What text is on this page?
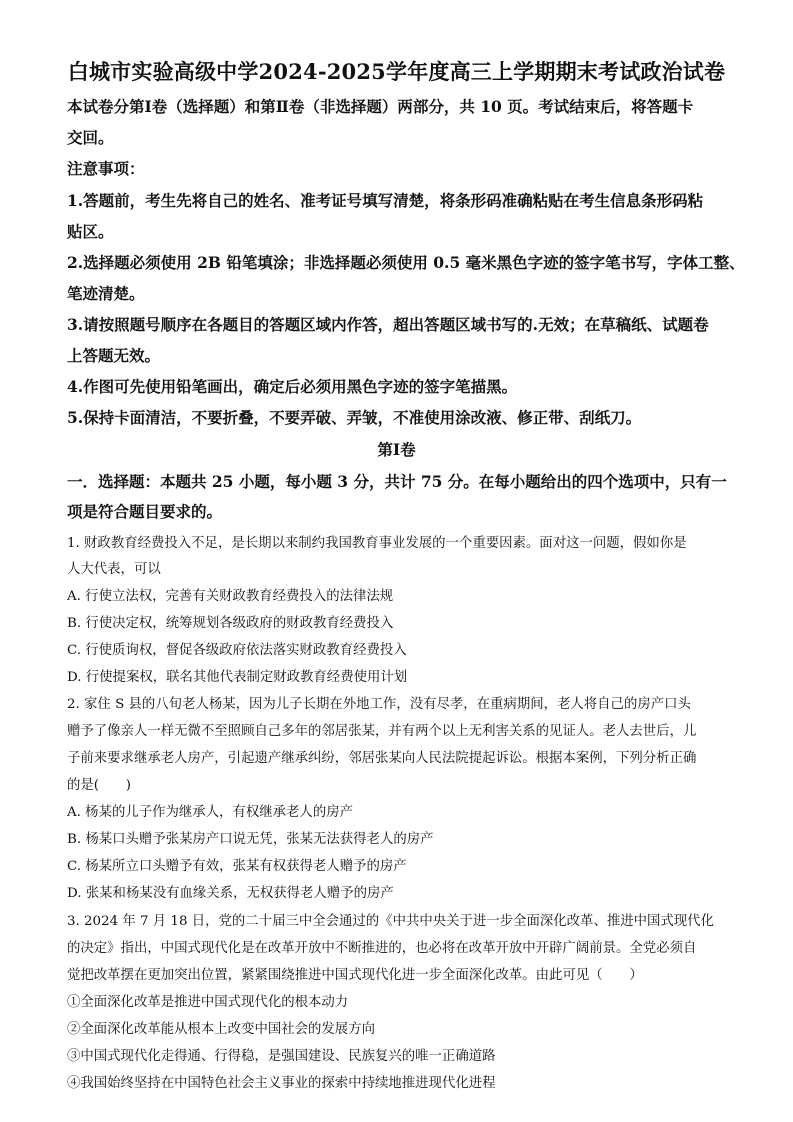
白城市实验高级中学2024-2025学年度高三上学期期末考试政治试卷
本试卷分第Ⅰ卷（选择题）和第Ⅱ卷（非选择题）两部分，共 10 页。考试结束后，将答题卡
交回。
注意事项：
1.答题前，考生先将自己的姓名、准考证号填写清楚，将条形码准确粘贴在考生信息条形码粘
贴区。
2.选择题必须使用 2B 铅笔填涂；非选择题必须使用 0.5 毫米黑色字迹的签字笔书写，字体工整、
笔迹清楚。
3.请按照题号顺序在各题目的答题区域内作答，超出答题区域书写的.无效；在草稿纸、试题卷
上答题无效。
4.作图可先使用铅笔画出，确定后必须用黑色字迹的签字笔描黑。
5.保持卡面清洁，不要折叠，不要弄破、弄皱，不准使用涂改液、修正带、刮纸刀。
第Ⅰ卷
一．选择题：本题共 25 小题，每小题 3 分，共计 75 分。在每小题给出的四个选项中，只有一
项是符合题目要求的。
1. 财政教育经费投入不足，是长期以来制约我国教育事业发展的一个重要因素。面对这一问题，假如你是
人大代表，可以
A. 行使立法权，完善有关财政教育经费投入的法律法规
B. 行使决定权，统筹规划各级政府的财政教育经费投入
C. 行使质询权，督促各级政府依法落实财政教育经费投入
D. 行使提案权，联名其他代表制定财政教育经费使用计划
2. 家住 S 县的八旬老人杨某，因为儿子长期在外地工作，没有尽孝，在重病期间，老人将自己的房产口头
赠予了像亲人一样无微不至照顾自己多年的邻居张某，并有两个以上无利害关系的见证人。老人去世后，儿
子前来要求继承老人房产，引起遗产继承纠纷，邻居张某向人民法院提起诉讼。根据本案例，下列分析正确
的是(　　)
A. 杨某的儿子作为继承人，有权继承老人的房产
B. 杨某口头赠予张某房产口说无凭，张某无法获得老人的房产
C. 杨某所立口头赠予有效，张某有权获得老人赠予的房产
D. 张某和杨某没有血缘关系，无权获得老人赠予的房产
3. 2024 年 7 月 18 日，党的二十届三中全会通过的《中共中央关于进一步全面深化改革、推进中国式现代化
的决定》指出，中国式现代化是在改革开放中不断推进的，也必将在改革开放中开辟广阔前景。全党必须自
觉把改革摆在更加突出位置，紧紧围绕推进中国式现代化进一步全面深化改革。由此可见（　　）
①全面深化改革是推进中国式现代化的根本动力
②全面深化改革能从根本上改变中国社会的发展方向
③中国式现代化走得通、行得稳，是强国建设、民族复兴的唯一正确道路
④我国始终坚持在中国特色社会主义事业的探索中持续地推进现代化进程
